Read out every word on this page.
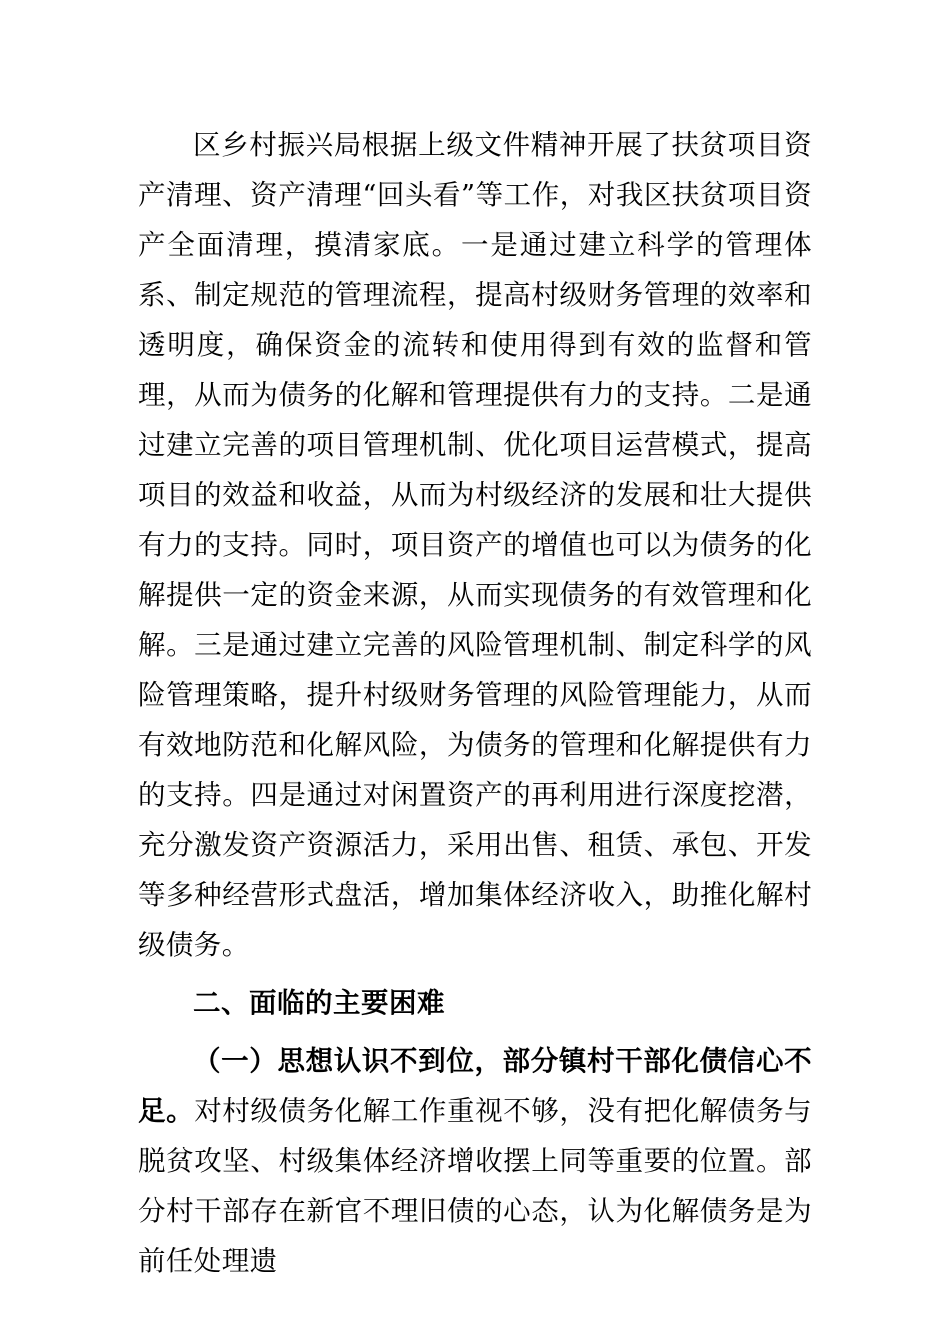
区乡村振兴局根据上级文件精神开展了扶贫项目资产清理、资产清理“回头看”等工作，对我区扶贫项目资产全面清理，摸清家底。一是通过建立科学的管理体系、制定规范的管理流程，提高村级财务管理的效率和透明度，确保资金的流转和使用得到有效的监督和管理，从而为债务的化解和管理提供有力的支持。二是通过建立完善的项目管理机制、优化项目运营模式，提高项目的效益和收益，从而为村级经济的发展和壮大提供有力的支持。同时，项目资产的增值也可以为债务的化解提供一定的资金来源，从而实现债务的有效管理和化解。三是通过建立完善的风险管理机制、制定科学的风险管理策略，提升村级财务管理的风险管理能力，从而有效地防范和化解风险，为债务的管理和化解提供有力的支持。四是通过对闲置资产的再利用进行深度挖潜，充分激发资产资源活力，采用出售、租赁、承包、开发等多种经营形式盘活，增加集体经济收入，助推化解村级债务。

二、面临的主要困难

（一）思想认识不到位，部分镇村干部化债信心不足。对村级债务化解工作重视不够，没有把化解债务与脱贫攻坚、村级集体经济增收摆上同等重要的位置。部分村干部存在新官不理旧债的心态，认为化解债务是为前任处理遗
